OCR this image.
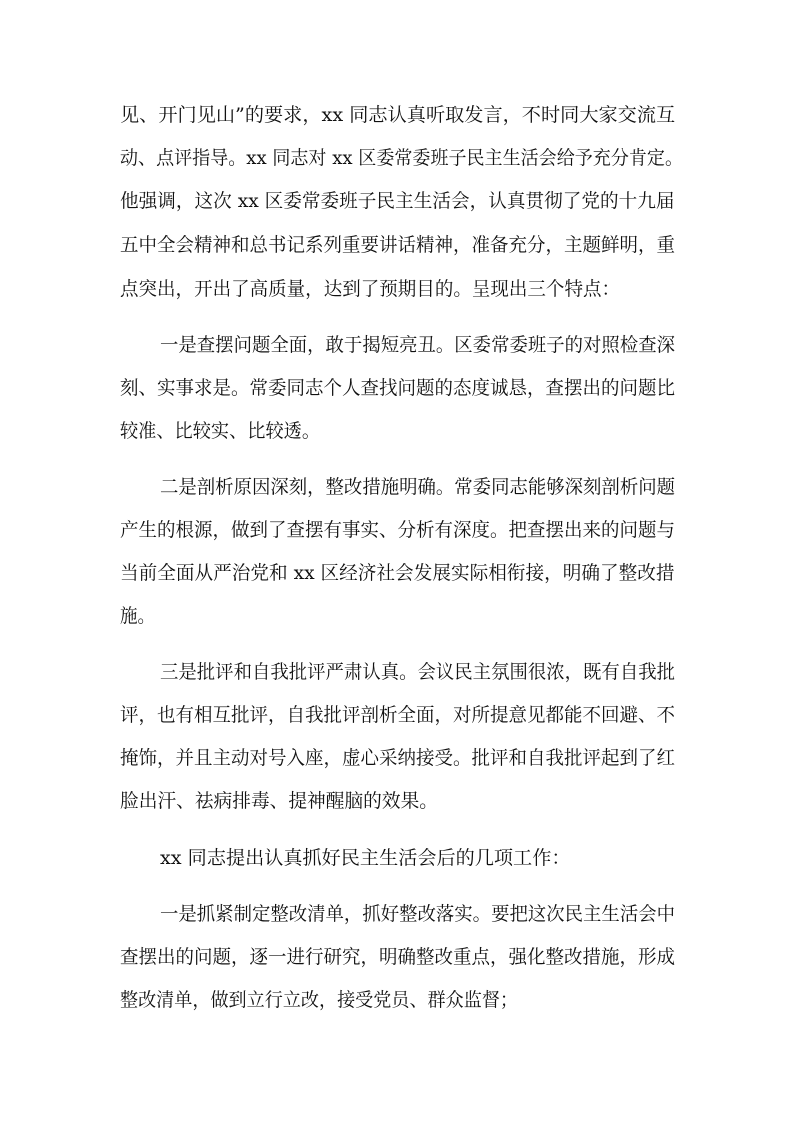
见、开门见山”的要求，xx 同志认真听取发言，不时同大家交流互
动、点评指导。xx 同志对 xx 区委常委班子民主生活会给予充分肯定。
他强调，这次 xx 区委常委班子民主生活会，认真贯彻了党的十九届
五中全会精神和总书记系列重要讲话精神，准备充分，主题鲜明，重
点突出，开出了高质量，达到了预期目的。呈现出三个特点：
一是查摆问题全面，敢于揭短亮丑。区委常委班子的对照检查深
刻、实事求是。常委同志个人查找问题的态度诚恳，查摆出的问题比
较准、比较实、比较透。
二是剖析原因深刻，整改措施明确。常委同志能够深刻剖析问题
产生的根源，做到了查摆有事实、分析有深度。把查摆出来的问题与
当前全面从严治党和 xx 区经济社会发展实际相衔接，明确了整改措
施。
三是批评和自我批评严肃认真。会议民主氛围很浓，既有自我批
评，也有相互批评，自我批评剖析全面，对所提意见都能不回避、不
掩饰，并且主动对号入座，虚心采纳接受。批评和自我批评起到了红
脸出汗、祛病排毒、提神醒脑的效果。
xx 同志提出认真抓好民主生活会后的几项工作：
一是抓紧制定整改清单，抓好整改落实。要把这次民主生活会中
查摆出的问题，逐一进行研究，明确整改重点，强化整改措施，形成
整改清单，做到立行立改，接受党员、群众监督；
